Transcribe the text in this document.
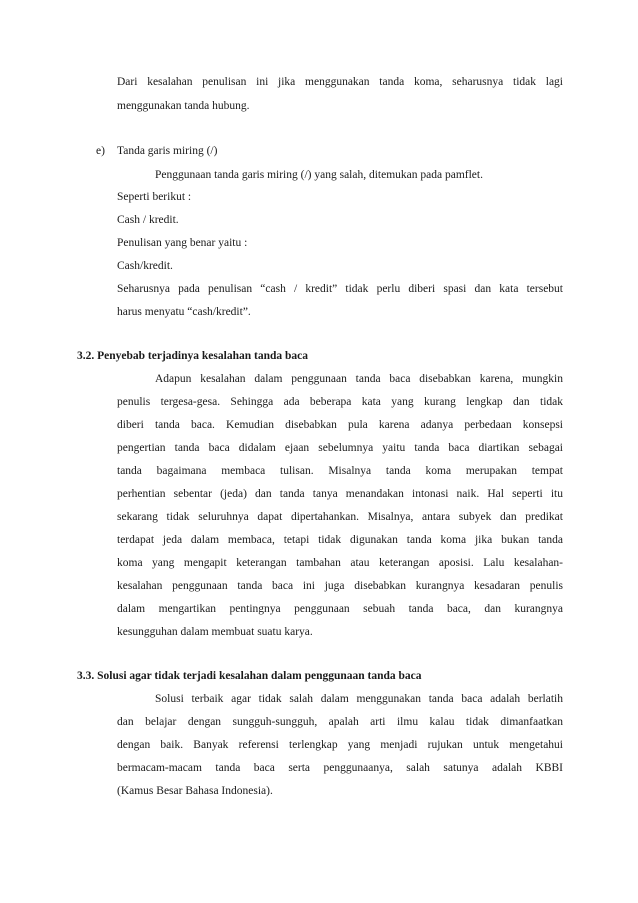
Dari kesalahan penulisan ini jika menggunakan tanda koma, seharusnya tidak lagi
menggunakan tanda hubung.
e) Tanda garis miring (/)
Penggunaan tanda garis miring (/) yang salah, ditemukan pada pamflet.
Seperti berikut :
Cash / kredit.
Penulisan yang benar yaitu :
Cash/kredit.
Seharusnya pada penulisan “cash / kredit” tidak perlu diberi spasi dan kata tersebut
harus menyatu “cash/kredit”.
3.2. Penyebab terjadinya kesalahan tanda baca
Adapun kesalahan dalam penggunaan tanda baca disebabkan karena, mungkin
penulis tergesa-gesa. Sehingga ada beberapa kata yang kurang lengkap dan tidak
diberi tanda baca. Kemudian disebabkan pula karena adanya perbedaan konsepsi
pengertian tanda baca didalam ejaan sebelumnya yaitu tanda baca diartikan sebagai
tanda bagaimana membaca tulisan. Misalnya tanda koma merupakan tempat
perhentian sebentar (jeda) dan tanda tanya menandakan intonasi naik. Hal seperti itu
sekarang tidak seluruhnya dapat dipertahankan. Misalnya, antara subyek dan predikat
terdapat jeda dalam membaca, tetapi tidak digunakan tanda koma jika bukan tanda
koma yang mengapit keterangan tambahan atau keterangan aposisi. Lalu kesalahan-
kesalahan penggunaan tanda baca ini juga disebabkan kurangnya kesadaran penulis
dalam mengartikan pentingnya penggunaan sebuah tanda baca, dan kurangnya
kesungguhan dalam membuat suatu karya.
3.3. Solusi agar tidak terjadi kesalahan dalam penggunaan tanda baca
Solusi terbaik agar tidak salah dalam menggunakan tanda baca adalah berlatih
dan belajar dengan sungguh-sungguh, apalah arti ilmu kalau tidak dimanfaatkan
dengan baik. Banyak referensi terlengkap yang menjadi rujukan untuk mengetahui
bermacam-macam tanda baca serta penggunaanya, salah satunya adalah KBBI
(Kamus Besar Bahasa Indonesia).
